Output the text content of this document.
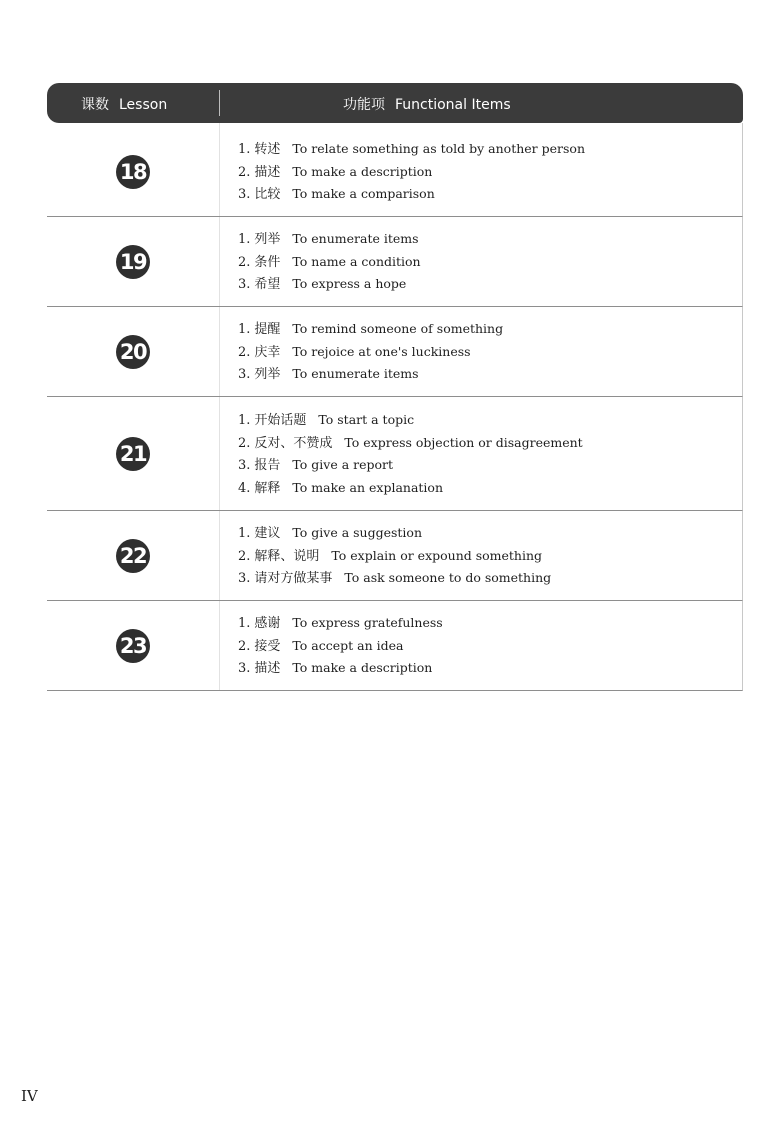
课数 Lesson	功能项 Functional Items
18
1. 转述 To relate something as told by another person
2. 描述 To make a description
3. 比较 To make a comparison
19
1. 列举 To enumerate items
2. 条件 To name a condition
3. 希望 To express a hope
20
1. 提醒 To remind someone of something
2. 庆幸 To rejoice at one's luckiness
3. 列举 To enumerate items
21
1. 开始话题 To start a topic
2. 反对、不赞成 To express objection or disagreement
3. 报告 To give a report
4. 解释 To make an explanation
22
1. 建议 To give a suggestion
2. 解释、说明 To explain or expound something
3. 请对方做某事 To ask someone to do something
23
1. 感谢 To express gratefulness
2. 接受 To accept an idea
3. 描述 To make a description
IV
